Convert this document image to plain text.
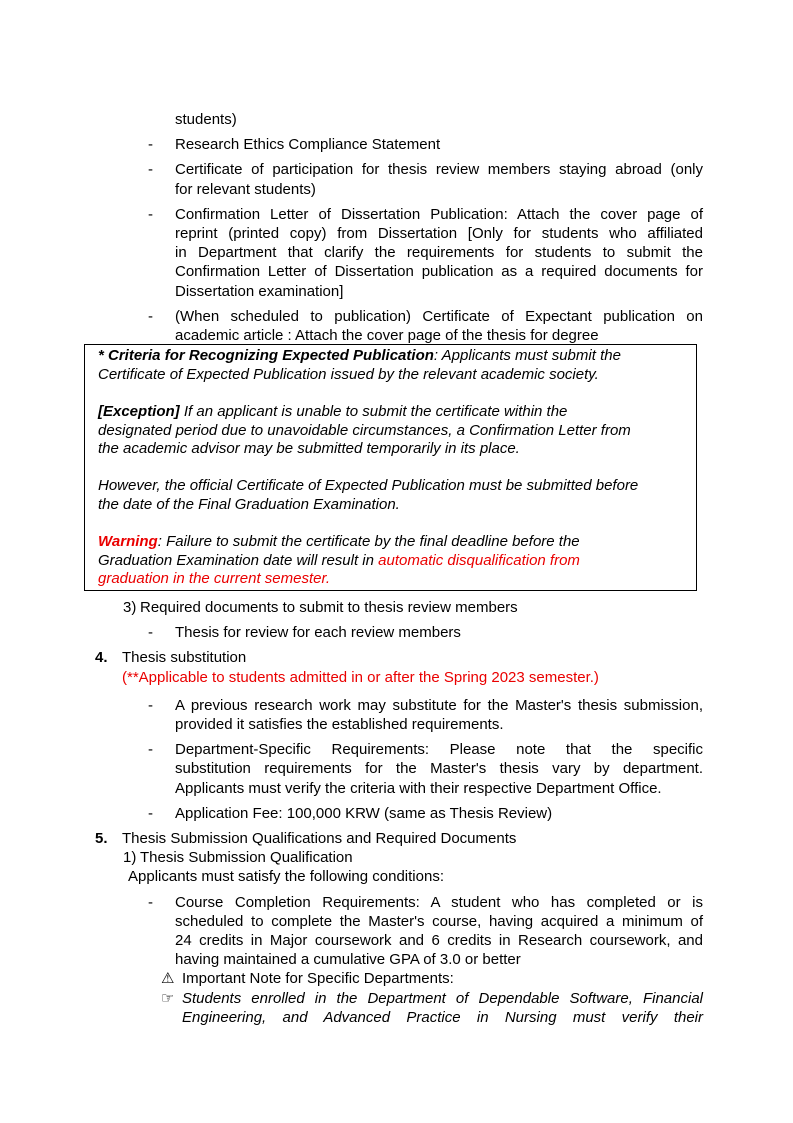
students)
- Research Ethics Compliance Statement
- Certificate of participation for thesis review members staying abroad (only
for relevant students)
- Confirmation Letter of Dissertation Publication: Attach the cover page of
reprint (printed copy) from Dissertation [Only for students who affiliated
in Department that clarify the requirements for students to submit the
Confirmation Letter of Dissertation publication as a required documents for
Dissertation examination]
- (When scheduled to publication) Certificate of Expectant publication on
academic article : Attach the cover page of the thesis for degree
* Criteria for Recognizing Expected Publication: Applicants must submit the
Certificate of Expected Publication issued by the relevant academic society.

[Exception] If an applicant is unable to submit the certificate within the
designated period due to unavoidable circumstances, a Confirmation Letter from
the academic advisor may be submitted temporarily in its place.

However, the official Certificate of Expected Publication must be submitted before
the date of the Final Graduation Examination.

Warning: Failure to submit the certificate by the final deadline before the
Graduation Examination date will result in automatic disqualification from
graduation in the current semester.
3) Required documents to submit to thesis review members
- Thesis for review for each review members
4. Thesis substitution
(**Applicable to students admitted in or after the Spring 2023 semester.)
- A previous research work may substitute for the Master's thesis submission,
provided it satisfies the established requirements.
- Department-Specific Requirements: Please note that the specific
substitution requirements for the Master's thesis vary by department.
Applicants must verify the criteria with their respective Department Office.
- Application Fee: 100,000 KRW (same as Thesis Review)
5. Thesis Submission Qualifications and Required Documents
1) Thesis Submission Qualification
Applicants must satisfy the following conditions:
- Course Completion Requirements: A student who has completed or is
scheduled to complete the Master's course, having acquired a minimum of
24 credits in Major coursework and 6 credits in Research coursework, and
having maintained a cumulative GPA of 3.0 or better
⚠︎ Important Note for Specific Departments:
☞ Students enrolled in the Department of Dependable Software, Financial
Engineering, and Advanced Practice in Nursing must verify their
